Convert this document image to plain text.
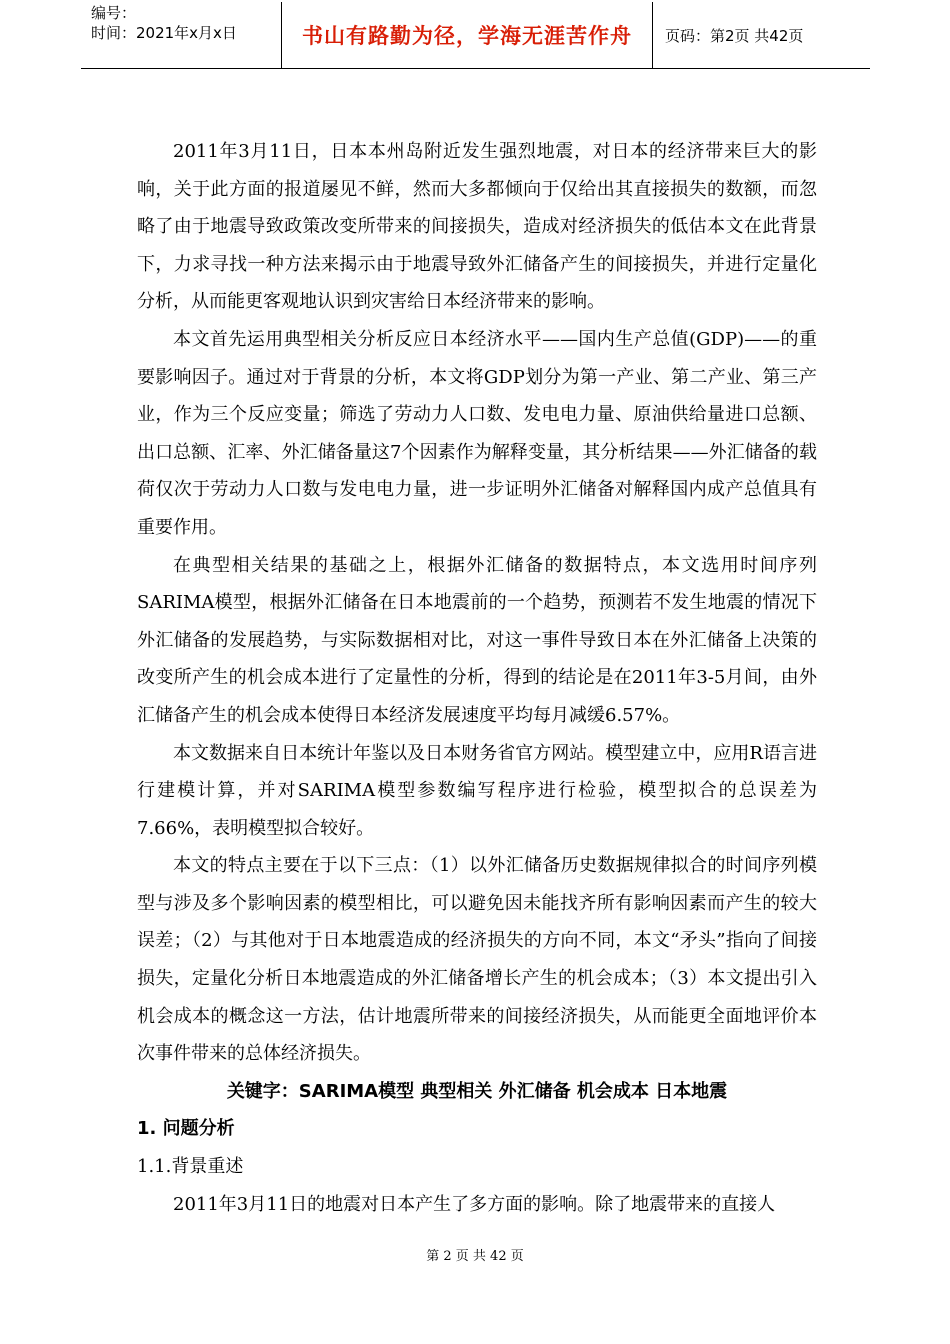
编号：
时间：2021年x月x日	书山有路勤为径，学海无涯苦作舟 页码：第2页 共42页

2011年3月11日，日本本州岛附近发生强烈地震，对日本的经济带来巨大的影响，关于此方面的报道屡见不鲜，然而大多都倾向于仅给出其直接损失的数额，而忽略了由于地震导致政策改变所带来的间接损失，造成对经济损失的低估本文在此背景下，力求寻找一种方法来揭示由于地震导致外汇储备产生的间接损失，并进行定量化分析，从而能更客观地认识到灾害给日本经济带来的影响。

本文首先运用典型相关分析反应日本经济水平——国内生产总值(GDP)——的重要影响因子。通过对于背景的分析，本文将GDP划分为第一产业、第二产业、第三产业，作为三个反应变量；筛选了劳动力人口数、发电电力量、原油供给量进口总额、出口总额、汇率、外汇储备量这7个因素作为解释变量，其分析结果——外汇储备的载荷仅次于劳动力人口数与发电电力量，进一步证明外汇储备对解释国内成产总值具有重要作用。

在典型相关结果的基础之上，根据外汇储备的数据特点，本文选用时间序列SARIMA模型，根据外汇储备在日本地震前的一个趋势，预测若不发生地震的情况下外汇储备的发展趋势，与实际数据相对比，对这一事件导致日本在外汇储备上决策的改变所产生的机会成本进行了定量性的分析，得到的结论是在2011年3-5月间，由外汇储备产生的机会成本使得日本经济发展速度平均每月减缓6.57%。

本文数据来自日本统计年鉴以及日本财务省官方网站。模型建立中，应用R语言进行建模计算，并对SARIMA模型参数编写程序进行检验，模型拟合的总误差为7.66%，表明模型拟合较好。

本文的特点主要在于以下三点：（1）以外汇储备历史数据规律拟合的时间序列模型与涉及多个影响因素的模型相比，可以避免因未能找齐所有影响因素而产生的较大误差；（2）与其他对于日本地震造成的经济损失的方向不同，本文“矛头”指向了间接损失，定量化分析日本地震造成的外汇储备增长产生的机会成本；（3）本文提出引入机会成本的概念这一方法，估计地震所带来的间接经济损失，从而能更全面地评价本次事件带来的总体经济损失。

关键字：SARIMA模型 典型相关 外汇储备 机会成本 日本地震

1. 问题分析

1.1.背景重述

2011年3月11日的地震对日本产生了多方面的影响。除了地震带来的直接人

第 2 页 共 42 页
